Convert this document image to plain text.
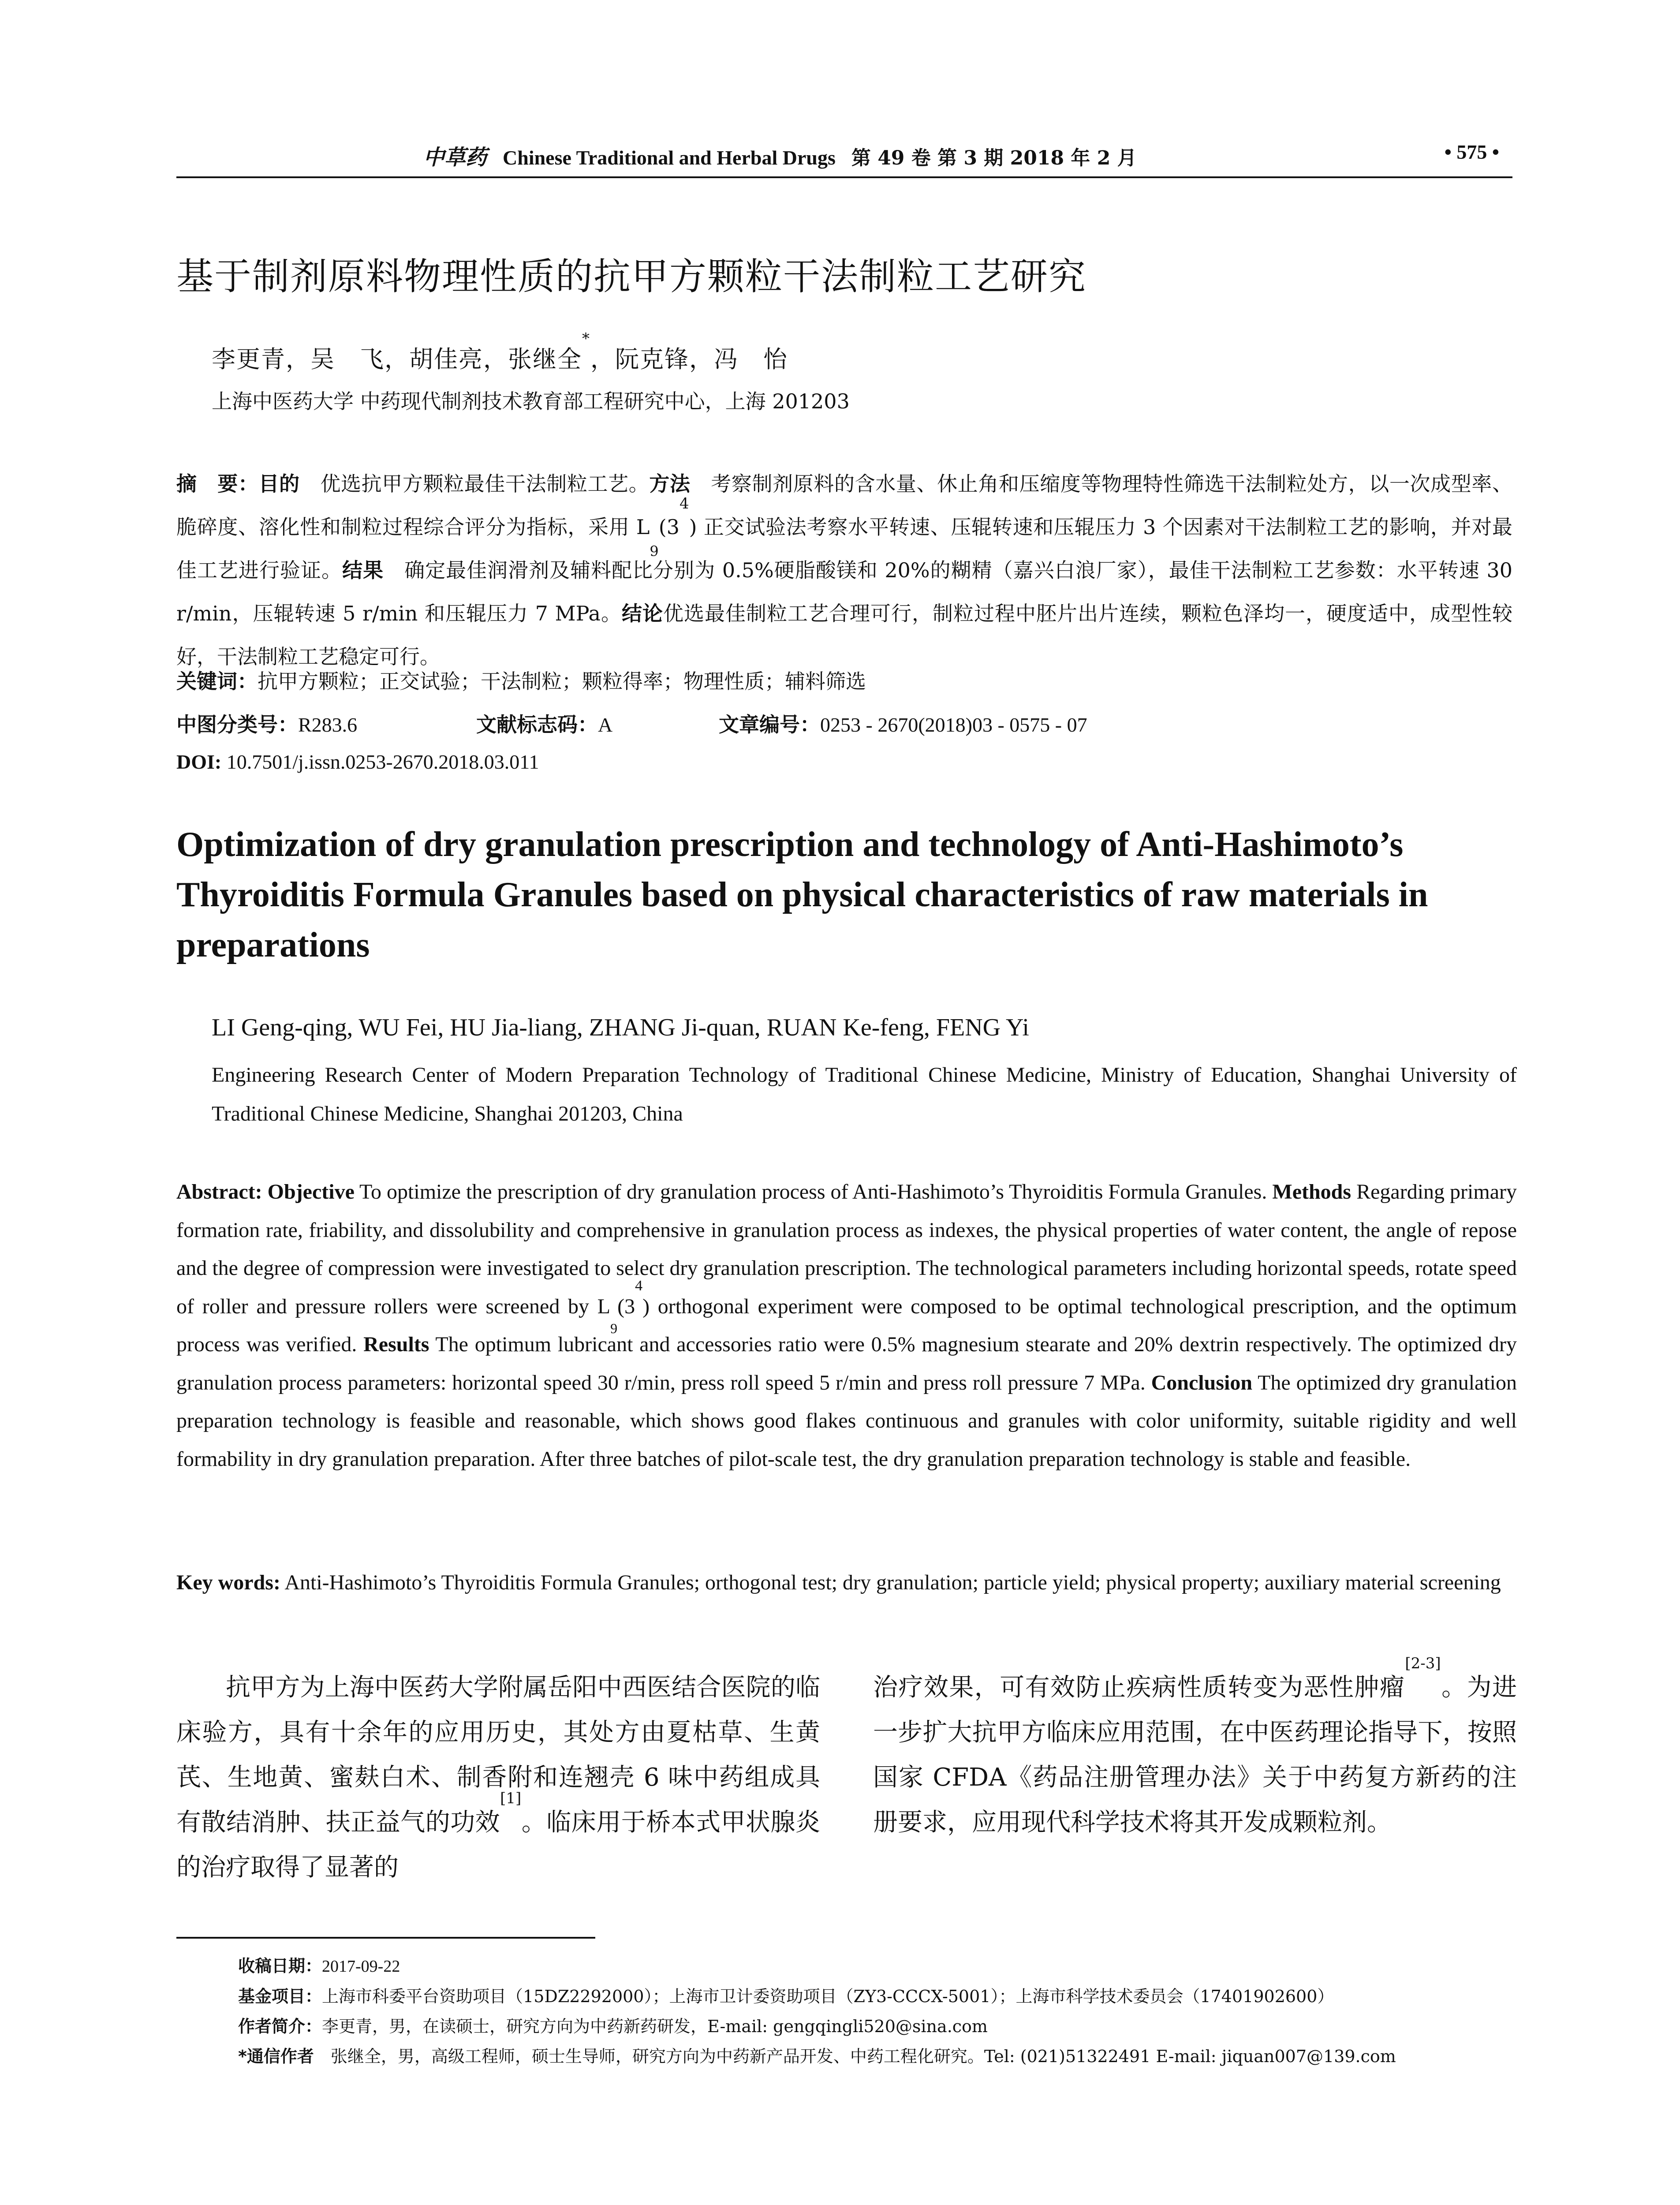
中草药 Chinese Traditional and Herbal Drugs 第 49 卷 第 3 期 2018 年 2 月	• 575 •
基于制剂原料物理性质的抗甲方颗粒干法制粒工艺研究
李更青，吴　飞，胡佳亮，张继全*，阮克锋，冯　怡
上海中医药大学 中药现代制剂技术教育部工程研究中心，上海 201203
摘　要：目的　优选抗甲方颗粒最佳干法制粒工艺。方法　考察制剂原料的含水量、休止角和压缩度等物理特性筛选干法制粒处方，以一次成型率、脆碎度、溶化性和制粒过程综合评分为指标，采用 $L_9(3^4)$ 正交试验法考察水平转速、压辊转速和压辊压力 3 个因素对干法制粒工艺的影响，并对最佳工艺进行验证。结果　确定最佳润滑剂及辅料配比分别为 0.5%硬脂酸镁和 20%的糊精（嘉兴白浪厂家），最佳干法制粒工艺参数：水平转速 30 r/min，压辊转速 5 r/min 和压辊压力 7 MPa。结论优选最佳制粒工艺合理可行，制粒过程中胚片出片连续，颗粒色泽均一，硬度适中，成型性较好，干法制粒工艺稳定可行。
关键词：抗甲方颗粒；正交试验；干法制粒；颗粒得率；物理性质；辅料筛选
中图分类号：R283.6	文献标志码：A	文章编号：0253 - 2670(2018)03 - 0575 - 07
DOI: 10.7501/j.issn.0253-2670.2018.03.011
Optimization of dry granulation prescription and technology of Anti-Hashimoto’s Thyroiditis Formula Granules based on physical characteristics of raw materials in preparations
LI Geng-qing, WU Fei, HU Jia-liang, ZHANG Ji-quan, RUAN Ke-feng, FENG Yi
Engineering Research Center of Modern Preparation Technology of Traditional Chinese Medicine, Ministry of Education, Shanghai University of Traditional Chinese Medicine, Shanghai 201203, China
Abstract: Objective To optimize the prescription of dry granulation process of Anti-Hashimoto’s Thyroiditis Formula Granules. Methods Regarding primary formation rate, friability, and dissolubility and comprehensive in granulation process as indexes, the physical properties of water content, the angle of repose and the degree of compression were investigated to select dry granulation prescription. The technological parameters including horizontal speeds, rotate speed of roller and pressure rollers were screened by $L_9(3^4)$ orthogonal experiment were composed to be optimal technological prescription, and the optimum process was verified. Results The optimum lubricant and accessories ratio were 0.5% magnesium stearate and 20% dextrin respectively. The optimized dry granulation process parameters: horizontal speed 30 r/min, press roll speed 5 r/min and press roll pressure 7 MPa. Conclusion The optimized dry granulation preparation technology is feasible and reasonable, which shows good flakes continuous and granules with color uniformity, suitable rigidity and well formability in dry granulation preparation. After three batches of pilot-scale test, the dry granulation preparation technology is stable and feasible.
Key words: Anti-Hashimoto’s Thyroiditis Formula Granules; orthogonal test; dry granulation; particle yield; physical property; auxiliary material screening
抗甲方为上海中医药大学附属岳阳中西医结合医院的临床验方，具有十余年的应用历史，其处方由夏枯草、生黄芪、生地黄、蜜麸白术、制香附和连翘壳 6 味中药组成具有散结消肿、扶正益气的功效[1]。临床用于桥本式甲状腺炎的治疗取得了显著的
治疗效果，可有效防止疾病性质转变为恶性肿瘤[2-3]。为进一步扩大抗甲方临床应用范围，在中医药理论指导下，按照国家 CFDA《药品注册管理办法》关于中药复方新药的注册要求，应用现代科学技术将其开发成颗粒剂。
收稿日期：2017-09-22
基金项目：上海市科委平台资助项目（15DZ2292000）；上海市卫计委资助项目（ZY3-CCCX-5001）；上海市科学技术委员会（17401902600）
作者简介：李更青，男，在读硕士，研究方向为中药新药研发，E-mail: gengqingli520@sina.com
*通信作者　张继全，男，高级工程师，硕士生导师，研究方向为中药新产品开发、中药工程化研究。Tel: (021)51322491 E-mail: jiquan007@139.com
